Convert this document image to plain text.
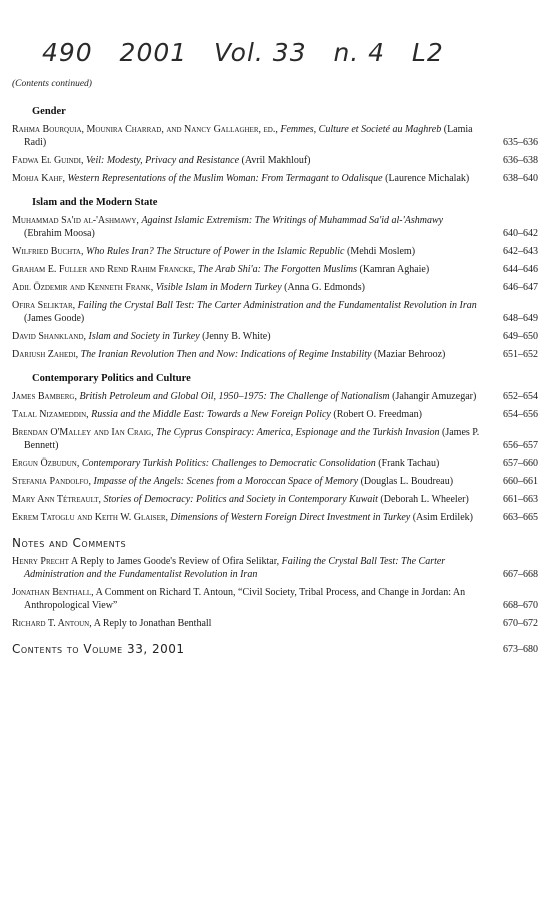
490   2001   Vol. 33   n. 4   L2
(Contents continued)
Gender
Rahma Bourquia, Mounira Charrad, and Nancy Gallagher, ed., Femmes, Culture et Societé au Maghreb (Lamia Radi)	635–636
Fadwa El Guindi, Veil: Modesty, Privacy and Resistance (Avril Makhlouf)	636–638
Mohja Kahf, Western Representations of the Muslim Woman: From Termagant to Odalisque (Laurence Michalak)	638–640
Islam and the Modern State
Muhammad Sa'id al-'Ashmawy, Against Islamic Extremism: The Writings of Muhammad Sa'id al-'Ashmawy (Ebrahim Moosa)	640–642
Wilfried Buchta, Who Rules Iran? The Structure of Power in the Islamic Republic (Mehdi Moslem)	642–643
Graham E. Fuller and Rend Rahim Francke, The Arab Shi'a: The Forgotten Muslims (Kamran Aghaie)	644–646
Adil Özdemir and Kenneth Frank, Visible Islam in Modern Turkey (Anna G. Edmonds)	646–647
Ofira Seliktar, Failing the Crystal Ball Test: The Carter Administration and the Fundamentalist Revolution in Iran (James Goode)	648–649
David Shankland, Islam and Society in Turkey (Jenny B. White)	649–650
Dariush Zahedi, The Iranian Revolution Then and Now: Indications of Regime Instability (Maziar Behrooz)	651–652
Contemporary Politics and Culture
James Bamberg, British Petroleum and Global Oil, 1950–1975: The Challenge of Nationalism (Jahangir Amuzegar)	652–654
Talal Nizameddin, Russia and the Middle East: Towards a New Foreign Policy (Robert O. Freedman)	654–656
Brendan O'Malley and Ian Craig, The Cyprus Conspiracy: America, Espionage and the Turkish Invasion (James P. Bennett)	656–657
Ergun Özbudun, Contemporary Turkish Politics: Challenges to Democratic Consolidation (Frank Tachau)	657–660
Stefania Pandolfo, Impasse of the Angels: Scenes from a Moroccan Space of Memory (Douglas L. Boudreau)	660–661
Mary Ann Tétreault, Stories of Democracy: Politics and Society in Contemporary Kuwait (Deborah L. Wheeler)	661–663
Ekrem Tatoglu and Keith W. Glaiser, Dimensions of Western Foreign Direct Investment in Turkey (Asim Erdilek)	663–665
Notes and Comments
Henry Precht A Reply to James Goode's Review of Ofira Seliktar, Failing the Crystal Ball Test: The Carter Administration and the Fundamentalist Revolution in Iran	667–668
Jonathan Benthall, A Comment on Richard T. Antoun, “Civil Society, Tribal Process, and Change in Jordan: An Anthropological View”	668–670
Richard T. Antoun, A Reply to Jonathan Benthall	670–672
Contents to Volume 33, 2001	673–680
